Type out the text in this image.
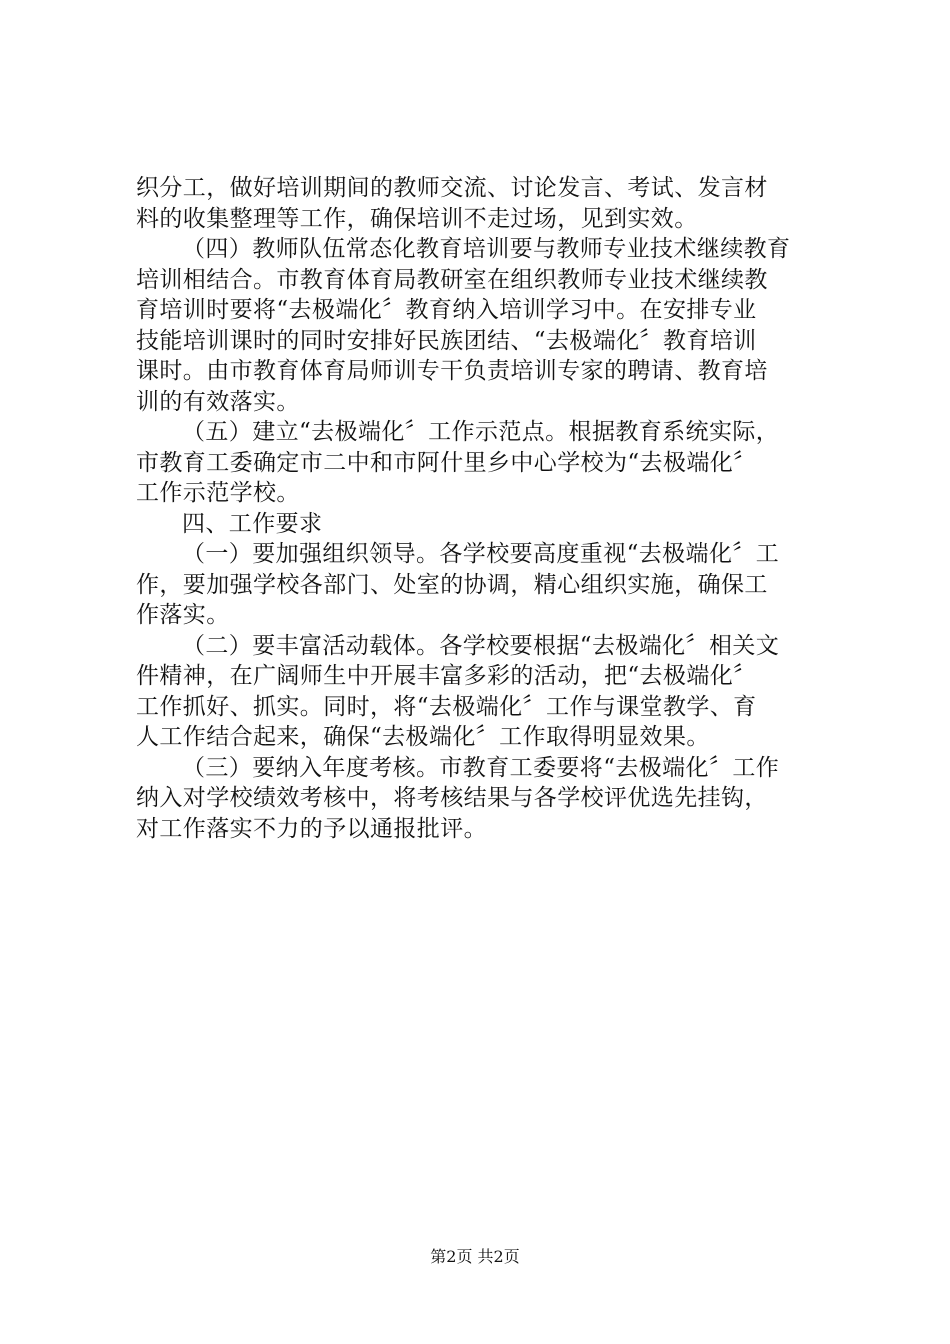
织分工，做好培训期间的教师交流、讨论发言、考试、发言材
料的收集整理等工作，确保培训不走过场，见到实效。
（四）教师队伍常态化教育培训要与教师专业技术继续教育
培训相结合。市教育体育局教研室在组织教师专业技术继续教
育培训时要将“去极端化〞教育纳入培训学习中。在安排专业
技能培训课时的同时安排好民族团结、“去极端化〞教育培训
课时。由市教育体育局师训专干负责培训专家的聘请、教育培
训的有效落实。
（五）建立“去极端化〞工作示范点。根据教育系统实际，
市教育工委确定市二中和市阿什里乡中心学校为“去极端化〞
工作示范学校。
四、工作要求
（一）要加强组织领导。各学校要高度重视“去极端化〞工
作，要加强学校各部门、处室的协调，精心组织实施，确保工
作落实。
（二）要丰富活动载体。各学校要根据“去极端化〞相关文
件精神，在广阔师生中开展丰富多彩的活动，把“去极端化〞
工作抓好、抓实。同时，将“去极端化〞工作与课堂教学、育
人工作结合起来，确保“去极端化〞工作取得明显效果。
（三）要纳入年度考核。市教育工委要将“去极端化〞工作
纳入对学校绩效考核中，将考核结果与各学校评优选先挂钩，
对工作落实不力的予以通报批评。
第2页 共2页
